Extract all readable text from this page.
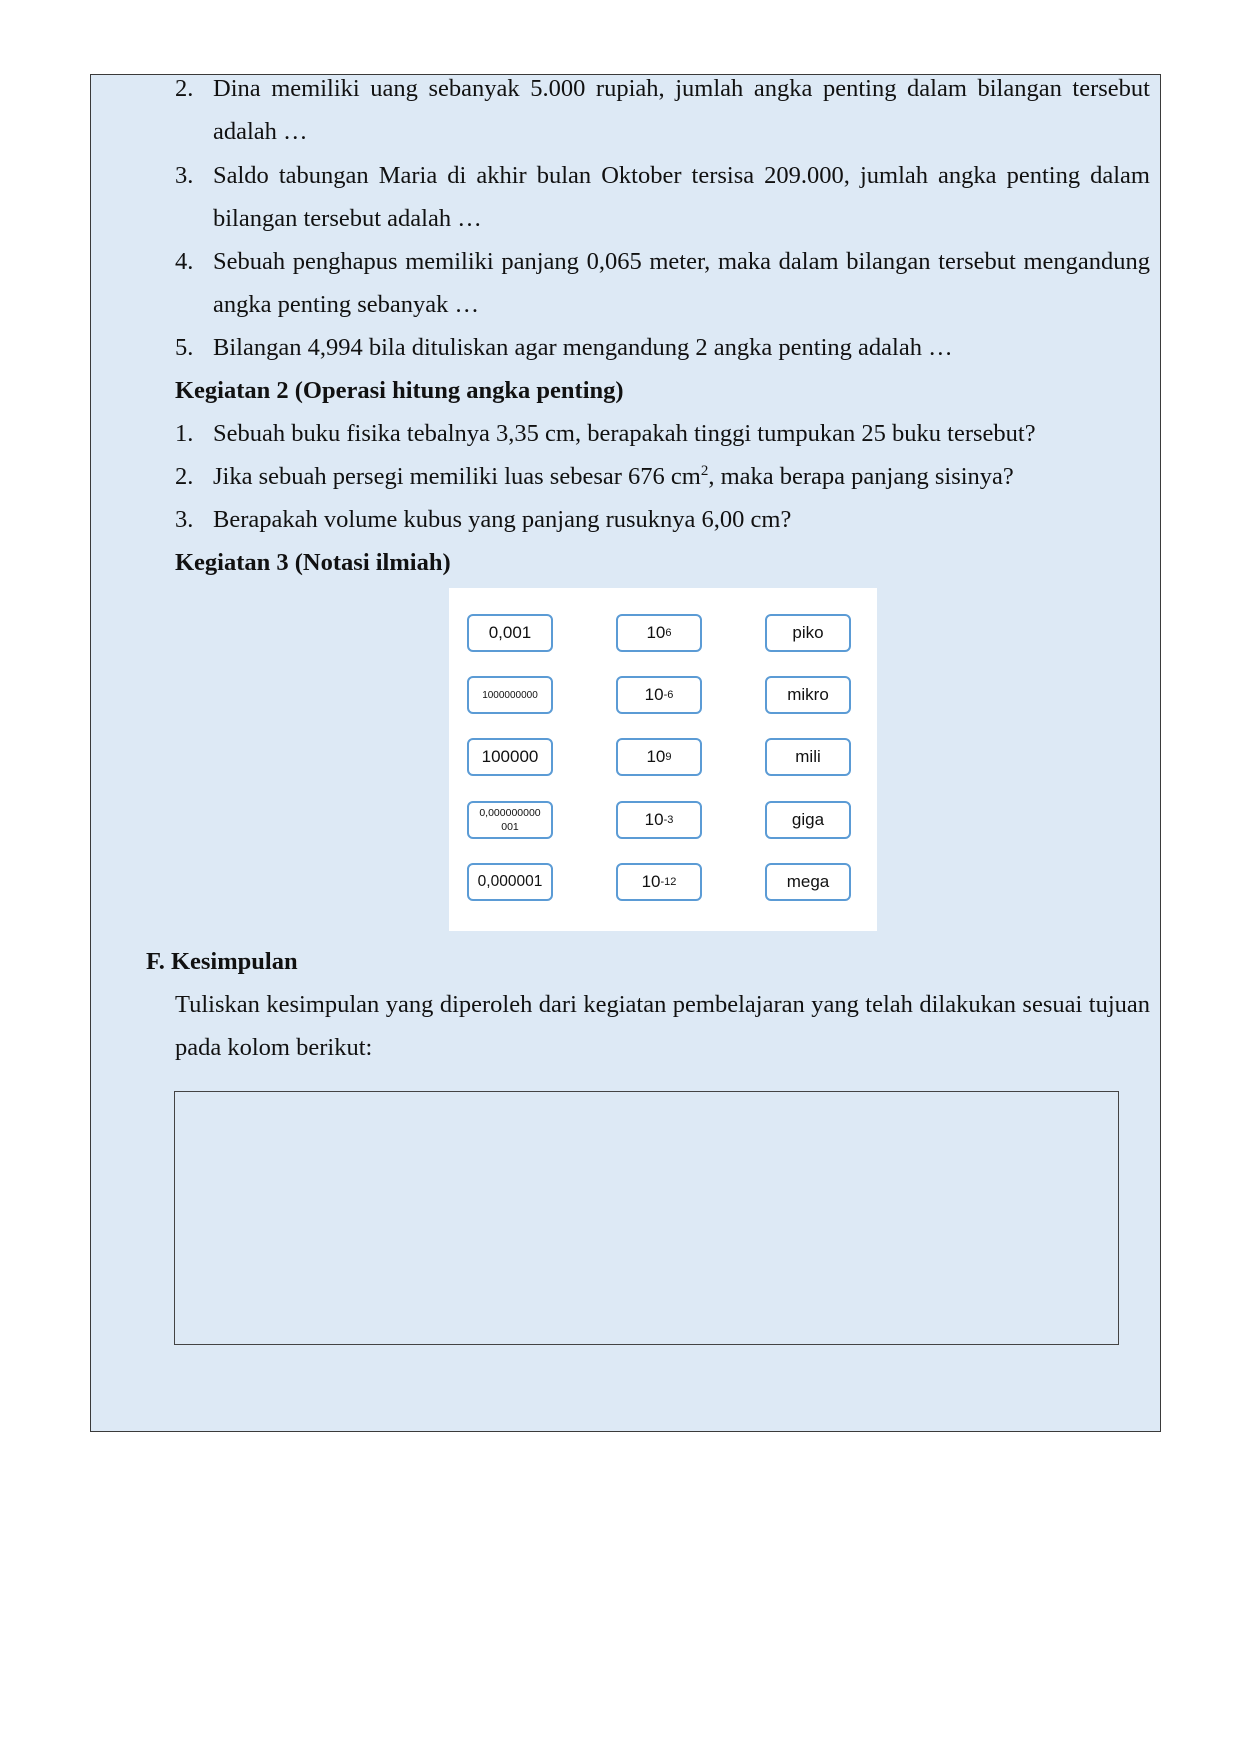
2. Dina memiliki uang sebanyak 5.000 rupiah, jumlah angka penting dalam bilangan tersebut
adalah …
3. Saldo tabungan Maria di akhir bulan Oktober tersisa 209.000, jumlah angka penting dalam
bilangan tersebut adalah …
4. Sebuah penghapus memiliki panjang 0,065 meter, maka dalam bilangan tersebut mengandung
angka penting sebanyak …
5. Bilangan 4,994 bila dituliskan agar mengandung 2 angka penting adalah …
Kegiatan 2 (Operasi hitung angka penting)
1. Sebuah buku fisika tebalnya 3,35 cm, berapakah tinggi tumpukan 25 buku tersebut?
2. Jika sebuah persegi memiliki luas sebesar 676 $cm^2$, maka berapa panjang sisinya?
3. Berapakah volume kubus yang panjang rusuknya 6,00 cm?
Kegiatan 3 (Notasi ilmiah)
0,001
1000000000
100000
0,000000000
001
0,000001
10 6
10 -6
10 9
10 -3
10 -12
piko
mikro
mili
giga
mega
F. Kesimpulan
Tuliskan kesimpulan yang diperoleh dari kegiatan pembelajaran yang telah dilakukan sesuai tujuan
pada kolom berikut:
